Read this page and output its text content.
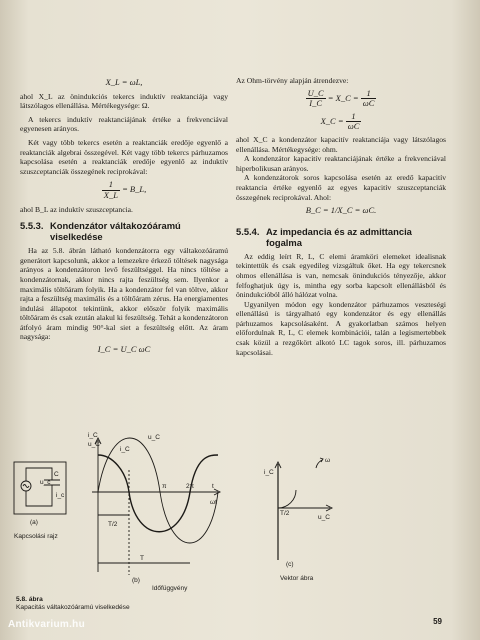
X_L = ωL,

ahol X_L az önindukciós tekercs induktív reaktanciája vagy látszólagos ellenállása. Mértékegysége: Ω.

A tekercs induktív reaktanciájának értéke a frekvenciával egyenesen arányos.

Két vagy több tekercs esetén a reaktanciák eredője egyenlő a reaktanciák algebrai összegével. Két vagy több tekercs párhuzamos kapcsolása esetén a reaktanciák eredője egyenlő az induktív szuszceptanciák összegének reciprokával:

$\frac{1}{X\_L}$ = B_L,

ahol B_L az induktív szuszceptancia.

5.5.3. Kondenzátor váltakozóáramú
viselkedése

Ha az 5.8. ábrán látható kondenzátorra egy váltakozóáramú generátort kapcsolunk, akkor a lemezekre érkező töltések nagysága arányos a kondenzátoron levő feszültséggel. Ha nincs töltése a kondenzátornak, akkor nincs rajta feszültség sem. Ilyenkor a maximális töltőáram folyik. Ha a kondenzátor fel van töltve, akkor rajta a feszültség maximális és a töltőáram zérus. Ha energiamentes indulási állapotot tekintünk, akkor először folyik maximális töltőáram és csak ezután alakul ki feszültség. Tehát a kondenzátoron átfolyó áram mindig 90°-kal siet a feszültség előtt. Az áram nagysága:

I_C = U_C ωC

Az Ohm-törvény alapján átrendezve:

$\frac{U\_C}{I\_C}$ = X_C = $\frac{1}{\omega C}$
X_C = $\frac{1}{\omega C}$

ahol X_C a kondenzátor kapacitív reaktanciája vagy látszólagos ellenállása. Mértékegysége: ohm.

A kondenzátor kapacitív reaktanciájának értéke a frekvenciával hiperbolikusan arányos.

A kondenzátorok soros kapcsolása esetén az eredő kapacitív reaktancia értéke egyenlő az egyes kapacitív szuszceptanciák összegének reciprokával. Ahol:

B_C = 1/X_C = ωC.
5.5.4. Az impedancia és az admittancia
fogalma

Az eddig leírt R, L, C elemi áramköri elemeket idealisnak tekintettük és csak egyedileg vizsgáltuk őket. Ha egy tekercsnek ohmos ellenállása is van, nemcsak önindukciós tényezője, akkor felfoghatjuk úgy is, mintha egy sorba kapcsolt ellenállásból és önindukcióból álló hálózat volna.

Ugyanilyen módon egy kondenzátor párhuzamos veszteségi ellenállású is tárgyalható egy kondenzátor és egy ellenállás párhuzamos kapcsolásaként. A gyakorlatban számos helyen előfordulnak R, L, C elemek kombinációi, talán a legismertebbek csak közül a rezgőkört alkotó LC tagok soros, ill. párhuzamos kapcsolásai.

u_c
i_c
C
(a)
Kapcsolási rajz
i_C
u_C
u_C
i_C
t
ωt
π	2π
T/2
T
(b)
Időfüggvény
ω
u_C
i_C
T/2
(c)
Vektor ábra
5.8. ábra
Kapacitás váltakozóáramú viselkedése
59
Antikvarium.hu
